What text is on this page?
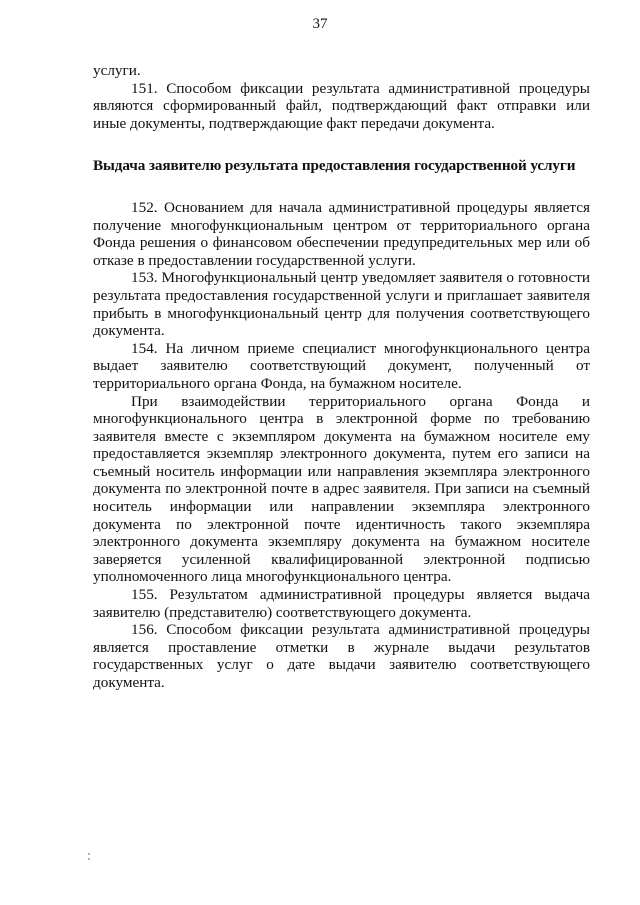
37

услуги.

151. Способом фиксации результата административной процедуры являются сформированный файл, подтверждающий факт отправки или иные документы, подтверждающие факт передачи документа.

Выдача заявителю результата предоставления государственной услуги

152. Основанием для начала административной процедуры является получение многофункциональным центром от территориального органа Фонда решения о финансовом обеспечении предупредительных мер или об отказе в предоставлении государственной услуги.

153. Многофункциональный центр уведомляет заявителя о готовности результата предоставления государственной услуги и приглашает заявителя прибыть в многофункциональный центр для получения соответствующего документа.

154. На личном приеме специалист многофункционального центра выдает заявителю соответствующий документ, полученный от территориального органа Фонда, на бумажном носителе.

При взаимодействии территориального органа Фонда и многофункционального центра в электронной форме по требованию заявителя вместе с экземпляром документа на бумажном носителе ему предоставляется экземпляр электронного документа, путем его записи на съемный носитель информации или направления экземпляра электронного документа по электронной почте в адрес заявителя. При записи на съемный носитель информации или направлении экземпляра электронного документа по электронной почте идентичность такого экземпляра электронного документа экземпляру документа на бумажном носителе заверяется усиленной квалифицированной электронной подписью уполномоченного лица многофункционального центра.

155. Результатом административной процедуры является выдача заявителю (представителю) соответствующего документа.

156. Способом фиксации результата административной процедуры является проставление отметки в журнале выдачи результатов государственных услуг о дате выдачи заявителю соответствующего документа.
